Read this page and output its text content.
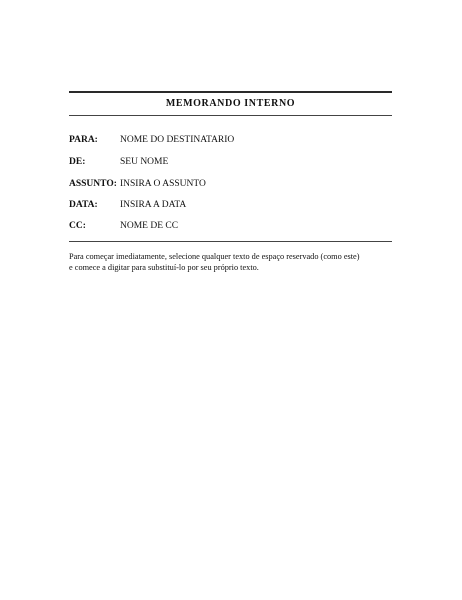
MEMORANDO INTERNO
PARA: NOME DO DESTINATARIO
DE:	SEU NOME
ASSUNTO: INSIRA O ASSUNTO
DATA: INSIRA A DATA
CC:	NOME DE CC
Para começar imediatamente, selecione qualquer texto de espaço reservado (como este)
e comece a digitar para substituí-lo por seu próprio texto.
